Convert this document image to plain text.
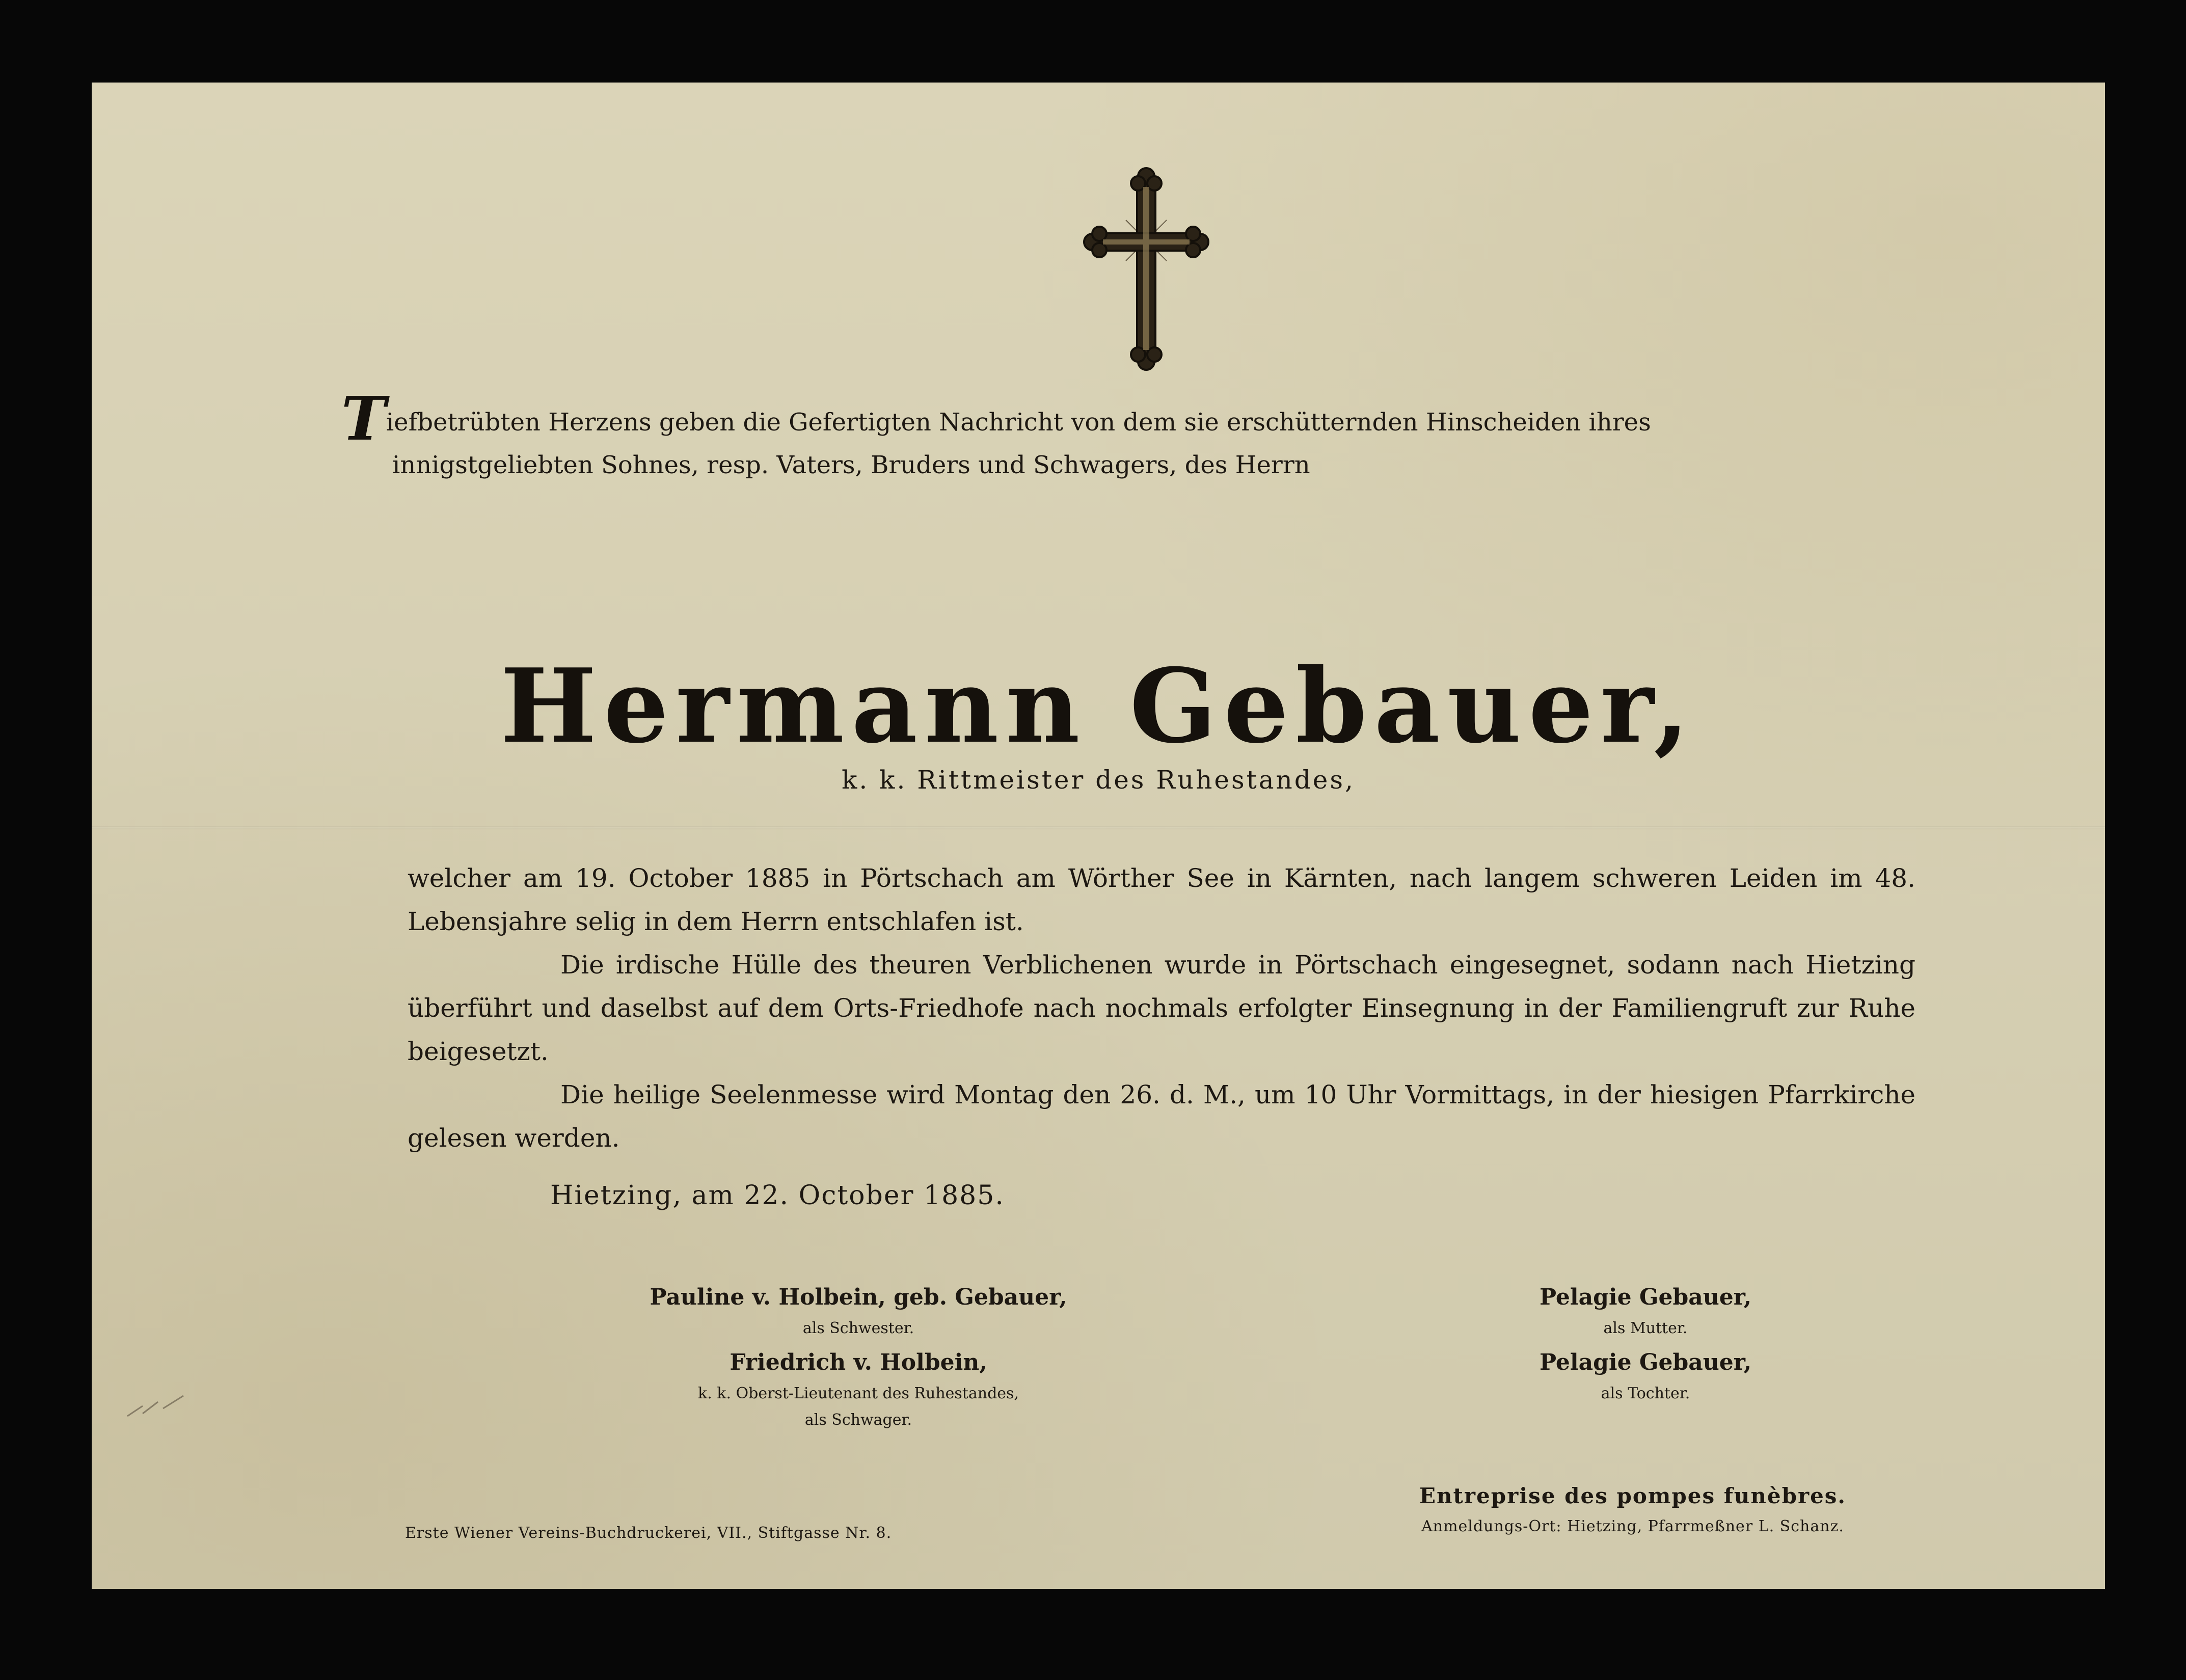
Tiefbetrübten Herzens geben die Gefertigten Nachricht von dem sie erschütternden Hinscheiden ihres
innigstgeliebten Sohnes, resp. Vaters, Bruders und Schwagers, des Herrn
Hermann Gebauer,
k. k. Rittmeister des Ruhestandes,

welcher am 19. October 1885 in Pörtschach am Wörther See in Kärnten, nach langem schweren Leiden im 48. Lebensjahre selig in dem Herrn entschlafen ist.

Die irdische Hülle des theuren Verblichenen wurde in Pörtschach eingesegnet, sodann nach Hietzing überführt und daselbst auf dem Orts-Friedhofe nach nochmals erfolgter Einsegnung in der Familiengruft zur Ruhe beigesetzt.

Die heilige Seelenmesse wird Montag den 26. d. M., um 10 Uhr Vormittags, in der hiesigen Pfarrkirche gelesen werden.

Hietzing, am 22. October 1885.
Pauline v. Holbein, geb. Gebauer,
als Schwester.
Friedrich v. Holbein,
k. k. Oberst-Lieutenant des Ruhestandes,
als Schwager.
Pelagie Gebauer,
als Mutter.
Pelagie Gebauer,
als Tochter.
Erste Wiener Vereins-Buchdruckerei, VII., Stiftgasse Nr. 8.
Entreprise des pompes funèbres.
Anmeldungs-Ort: Hietzing, Pfarrmeßner L. Schanz.
